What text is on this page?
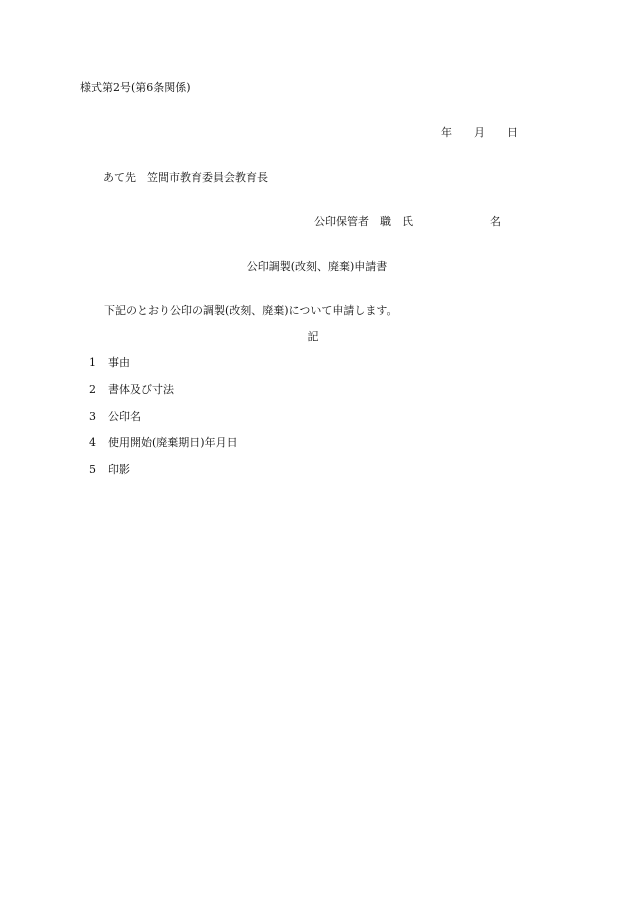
様式第2号(第6条関係)
年 月 日
あて先 笠間市教育委員会教育長
公印保管者 職 氏	名
公印調製(改刻、廃棄)申請書
下記のとおり公印の調製(改刻、廃棄)について申請します。
記
1 事由
2 書体及び寸法
3 公印名
4 使用開始(廃棄期日)年月日
5 印影
